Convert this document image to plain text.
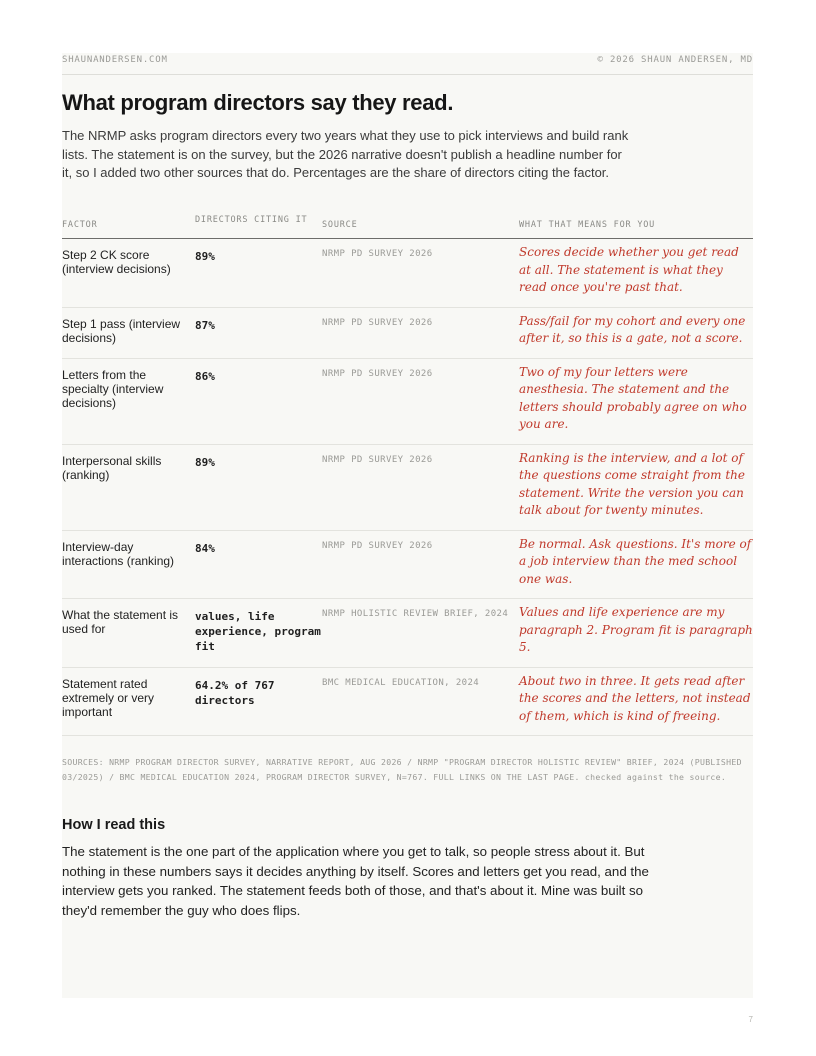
SHAUNANDERSEN.COM	© 2026 SHAUN ANDERSEN, MD
What program directors say they read.

The NRMP asks program directors every two years what they use to pick interviews and build rank lists. The statement is on the survey, but the 2026 narrative doesn't publish a headline number for it, so I added two other sources that do. Percentages are the share of directors citing the factor.

FACTOR	DIRECTORS CITING IT	SOURCE	WHAT THAT MEANS FOR YOU
Step 2 CK score (interview decisions)	89%	NRMP PD SURVEY 2026	Scores decide whether you get read at all. The statement is what they read once you're past that.
Step 1 pass (interview decisions)	87%	NRMP PD SURVEY 2026	Pass/fail for my cohort and every one after it, so this is a gate, not a score.
Letters from the specialty (interview decisions)	86%	NRMP PD SURVEY 2026	Two of my four letters were anesthesia. The statement and the letters should probably agree on who you are.
Interpersonal skills (ranking)	89%	NRMP PD SURVEY 2026	Ranking is the interview, and a lot of the questions come straight from the statement. Write the version you can talk about for twenty minutes.
Interview-day interactions (ranking)	84%	NRMP PD SURVEY 2026	Be normal. Ask questions. It's more of a job interview than the med school one was.
What the statement is used for	values, life experience, program fit	NRMP HOLISTIC REVIEW BRIEF, 2024	Values and life experience are my paragraph 2. Program fit is paragraph 5.
Statement rated extremely or very important	64.2% of 767 directors	BMC MEDICAL EDUCATION, 2024	About two in three. It gets read after the scores and the letters, not instead of them, which is kind of freeing.

SOURCES: NRMP PROGRAM DIRECTOR SURVEY, NARRATIVE REPORT, AUG 2026 / NRMP "PROGRAM DIRECTOR HOLISTIC REVIEW" BRIEF, 2024 (PUBLISHED 03/2025) / BMC MEDICAL EDUCATION 2024, PROGRAM DIRECTOR SURVEY, N=767. FULL LINKS ON THE LAST PAGE. checked against the source.

How I read this

The statement is the one part of the application where you get to talk, so people stress about it. But nothing in these numbers says it decides anything by itself. Scores and letters get you read, and the interview gets you ranked. The statement feeds both of those, and that's about it. Mine was built so they'd remember the guy who does flips.

7
